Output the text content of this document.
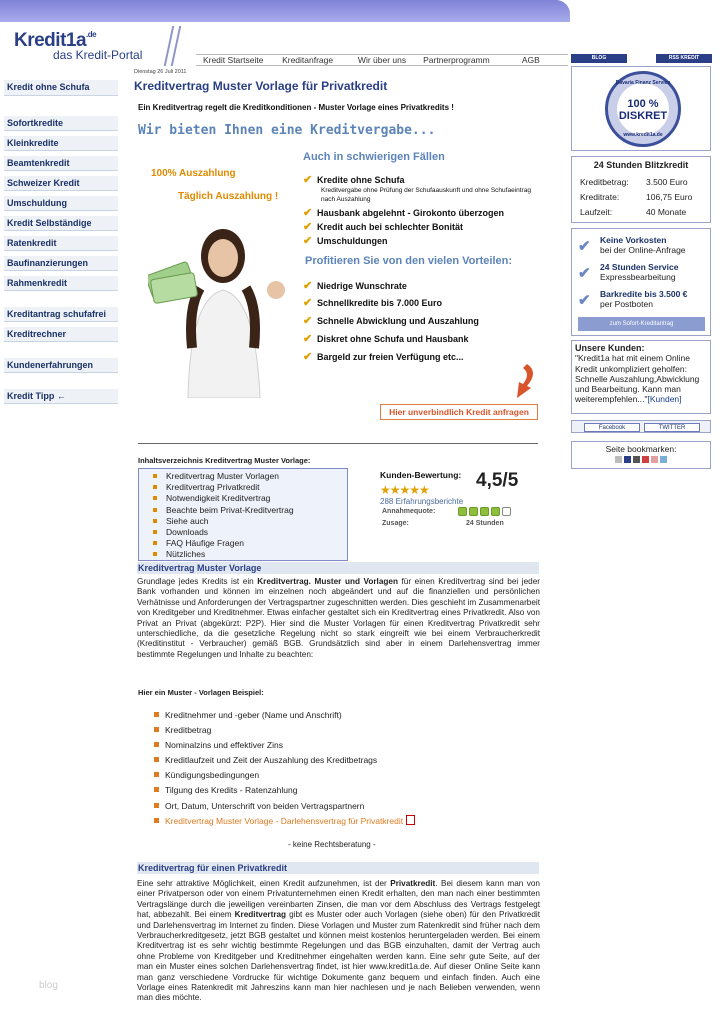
$Kredit1a^{.de}$
das Kredit-Portal	Kredit Startseite	Kreditanfrage	Wir über uns	Partnerprogramm	AGB	BLOG	RSS KREDIT
Kredit ohne Schufa
Sofortkredite
Kleinkredite
Beamtenkredit
Schweizer Kredit
Umschuldung
Kredit Selbständige
Ratenkredit
Baufinanzierungen
Rahmenkredit
Kreditantrag schufafrei
Kreditrechner
Kundenerfahrungen
Kredit Tipp ←
blog
Dienstag 26 Juli 2011
Kreditvertrag Muster Vorlage für Privatkredit
Ein Kreditvertrag regelt die Kreditkonditionen - Muster Vorlage eines Privatkredits !
Wir bieten Ihnen eine Kreditvergabe...
100% Auszahlung
Täglich Auszahlung !
Auch in schwierigen Fällen
✔ Kredite ohne Schufa
Kreditvergabe ohne Prüfung der Schufaauskunft und ohne Schufaeintrag nach Auszahlung
✔ Hausbank abgelehnt - Girokonto überzogen
✔ Kredit auch bei schlechter Bonität
✔ Umschuldungen
Profitieren Sie von den vielen Vorteilen:
✔ Niedrige Wunschrate
✔ Schnellkredite bis 7.000 Euro
✔ Schnelle Abwicklung und Auszahlung
✔ Diskret ohne Schufa und Hausbank
✔ Bargeld zur freien Verfügung etc...
Hier unverbindlich Kredit anfragen
Inhaltsverzeichnis Kreditvertrag Muster Vorlage:
Kreditvertrag Muster Vorlagen
Kreditvertrag Privatkredit
Notwendigkeit Kreditvertrag
Beachte beim Privat-Kreditvertrag
Siehe auch
Downloads
FAQ Häufige Fragen
Nützliches
Kunden-Bewertung: 4,5/5
★★★★★
288 Erfahrungsberichte
Annahmequote:
Zusage:	24 Stunden
Kreditvertrag Muster Vorlage

Grundlage jedes Kredits ist ein Kreditvertrag. Muster und Vorlagen für einen Kreditvertrag sind bei jeder Bank vorhanden und können im einzelnen noch abgeändert und auf die finanziellen und persönlichen Verhätnisse und Anforderungen der Vertragspartner zugeschnitten werden. Dies geschieht im Zusammenarbeit von Kreditgeber und Kreditnehmer. Etwas einfacher gestaltet sich ein Kreditvertrag eines Privatkredit. Also von Privat an Privat (abgekürzt: P2P). Hier sind die Muster Vorlagen für einen Kreditvertrag Privatkredit sehr unterschiedliche, da die gesetzliche Regelung nicht so stark eingreift wie bei einem Verbraucherkredit (Kreditinstitut - Verbraucher) gemäß BGB. Grundsätzlich sind aber in einem Darlehensvertrag immer bestimmte Regelungen und Inhalte zu beachten:

Hier ein Muster - Vorlagen Beispiel:
Kreditnehmer und -geber (Name und Anschrift)
Kreditbetrag
Nominalzins und effektiver Zins
Kreditlaufzeit und Zeit der Auszahlung des Kreditbetrags
Kündigungsbedingungen
Tilgung des Kredits - Ratenzahlung
Ort, Datum, Unterschrift von beiden Vertragspartnern
Kreditvertrag Muster Vorlage - Darlehensvertrag für Privatkredit
- keine Rechtsberatung -
Kreditvertrag für einen Privatkredit

Eine sehr attraktive Möglichkeit, einen Kredit aufzunehmen, ist der Privatkredit. Bei diesem kann man von einer Privatperson oder von einem Privatunternehmen einen Kredit erhalten, den man nach einer bestimmten Vertragslänge durch die jeweiligen vereinbarten Zinsen, die man vor dem Abschluss des Vertrags festgelegt hat, abbezahlt. Bei einem Kreditvertrag gibt es Muster oder auch Vorlagen (siehe oben) für den Privatkredit und Darlehensvertrag im Internet zu finden. Diese Vorlagen und Muster zum Ratenkredit sind früher nach dem Verbraucherkreditgesetz, jetzt BGB gestaltet und können meist kostenlos heruntergeladen werden. Bei einem Kreditvertrag ist es sehr wichtig bestimmte Regelungen und das BGB einzuhalten, damit der Vertrag auch ohne Probleme von Kreditgeber und Kreditnehmer eingehalten werden kann. Eine sehr gute Seite, auf der man ein Muster eines solchen Darlehensvertrag findet, ist hier www.kredit1a.de. Auf dieser Online Seite kann man ganz verschiedene Vordrucke für wichtige Dokumente ganz bequem und einfach finden. Auch eine Vorlage eines Ratenkredit mit Jahreszins kann man hier nachlesen und je nach Belieben verwenden, wenn man dies möchte.

Bavaria Finanz Service
100 % DISKRET
www.kredit1a.de
24 Stunden Blitzkredit
Kreditbetrag:	3.500 Euro
Kreditrate:	106,75 Euro
Laufzeit:	40 Monate
✔ Keine Vorkosten
bei der Online-Anfrage
✔ 24 Stunden Service
Expressbearbeitung
✔ Barkredite bis 3.500 €
per Postboten
zum Sofort-Kreditantrag
Unsere Kunden:
"Kredit1a hat mit einem Online Kredit unkompliziert geholfen: Schnelle Auszahlung,Abwicklung und Bearbeitung. Kann man weiterempfehlen..."[Kunden]
Facebook	TWITTER
Seite bookmarken:
